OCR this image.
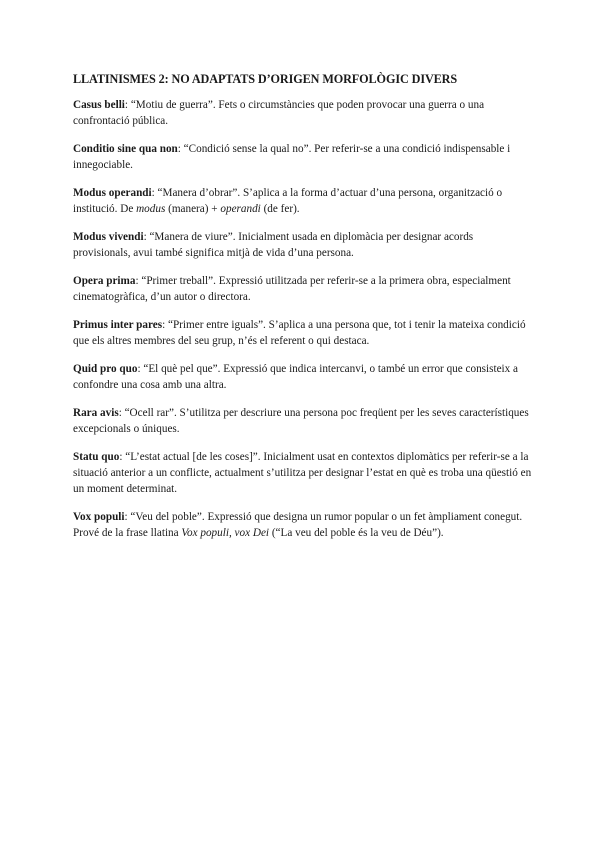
LLATINISMES 2: NO ADAPTATS D’ORIGEN MORFOLÒGIC DIVERS

Casus belli: “Motiu de guerra”. Fets o circumstàncies que poden provocar una guerra o una confrontació pública.

Conditio sine qua non: “Condició sense la qual no”. Per referir-se a una condició indispensable i innegociable.

Modus operandi: “Manera d’obrar”. S’aplica a la forma d’actuar d’una persona, organització o institució. De modus (manera) + operandi (de fer).

Modus vivendi: “Manera de viure”. Inicialment usada en diplomàcia per designar acords provisionals, avui també significa mitjà de vida d’una persona.

Opera prima: “Primer treball”. Expressió utilitzada per referir-se a la primera obra, especialment cinematogràfica, d’un autor o directora.

Primus inter pares: “Primer entre iguals”. S’aplica a una persona que, tot i tenir la mateixa condició que els altres membres del seu grup, n’és el referent o qui destaca.

Quid pro quo: “El què pel que”. Expressió que indica intercanvi, o també un error que consisteix a confondre una cosa amb una altra.

Rara avis: “Ocell rar”. S’utilitza per descriure una persona poc freqüent per les seves característiques excepcionals o úniques.

Statu quo: “L’estat actual [de les coses]”. Inicialment usat en contextos diplomàtics per referir-se a la situació anterior a un conflicte, actualment s’utilitza per designar l’estat en què es troba una qüestió en un moment determinat.

Vox populi: “Veu del poble”. Expressió que designa un rumor popular o un fet àmpliament conegut. Prové de la frase llatina Vox populi, vox Dei (“La veu del poble és la veu de Déu”).
